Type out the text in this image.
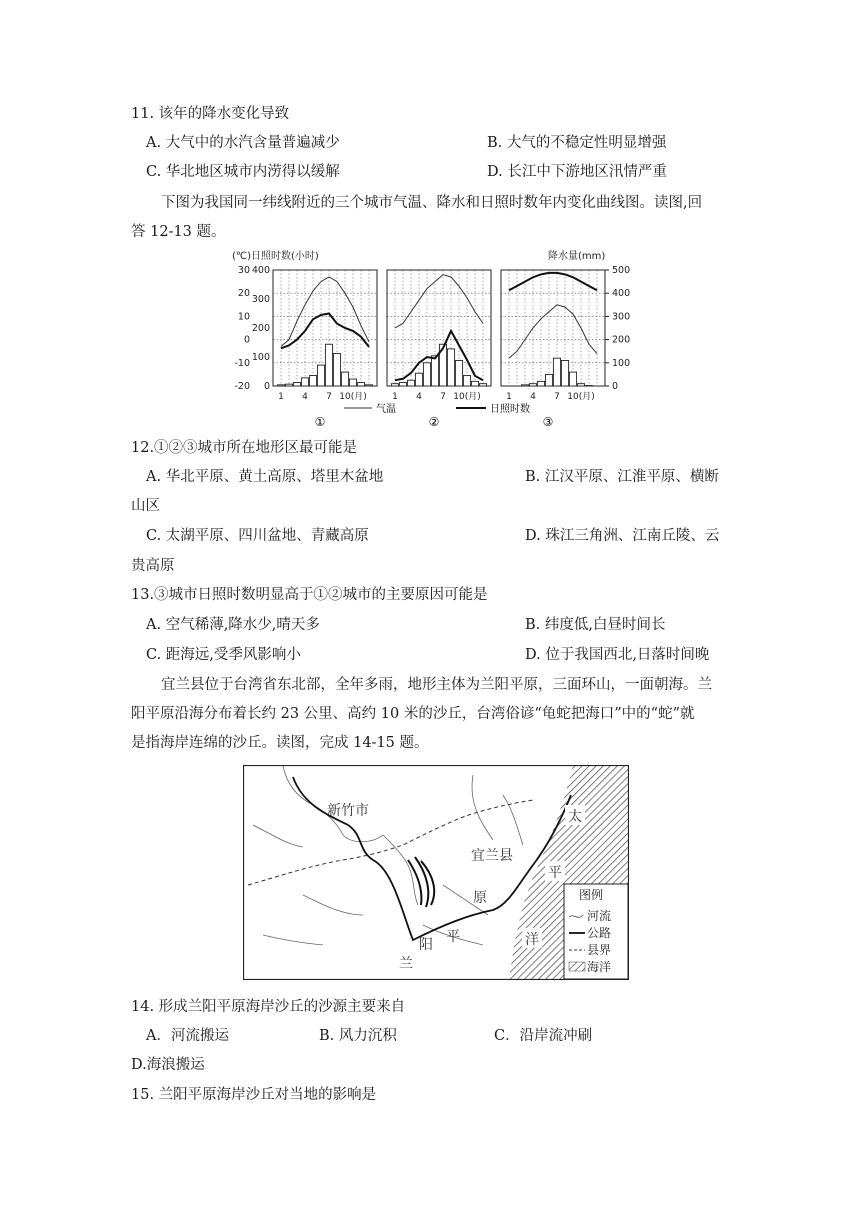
11. 该年的降水变化导致
A. 大气中的水汽含量普遍减少	B. 大气的不稳定性明显增强
C. 华北地区城市内涝得以缓解	D. 长江中下游地区汛情严重
下图为我国同一纬线附近的三个城市气温、降水和日照时数年内变化曲线图。读图,回
答 12-13 题。
(℃)日照时数(小时)	降水量(mm)
1 4 7 10(月)	1 4 7 10(月)	1 4 7 10(月)
30
20
10
0
-10
-20
400
300
200
100
0
500
400
300
200
100
0
①	②	③
气温	日照时数
12.①②③城市所在地形区最可能是
A. 华北平原、黄土高原、塔里木盆地	B. 江汉平原、江淮平原、横断
山区
C. 太湖平原、四川盆地、青藏高原	D. 珠江三角洲、江南丘陵、云
贵高原
13.③城市日照时数明显高于①②城市的主要原因可能是
A. 空气稀薄,降水少,晴天多	B. 纬度低,白昼时间长
C. 距海远,受季风影响小	D. 位于我国西北,日落时间晚
宜兰县位于台湾省东北部，全年多雨，地形主体为兰阳平原，三面环山，一面朝海。兰
阳平原沿海分布着长约 23 公里、高约 10 米的沙丘，台湾俗谚“龟蛇把海口”中的“蛇”就
是指海岸连绵的沙丘。读图，完成 14-15 题。
新竹市
宜兰县
兰
阳 平
原
太
平
洋
图例
河流
公路
县界
海洋
14. 形成兰阳平原海岸沙丘的沙源主要来自
A．河流搬运	B. 风力沉积	C．沿岸流冲刷
D.海浪搬运
15. 兰阳平原海岸沙丘对当地的影响是
